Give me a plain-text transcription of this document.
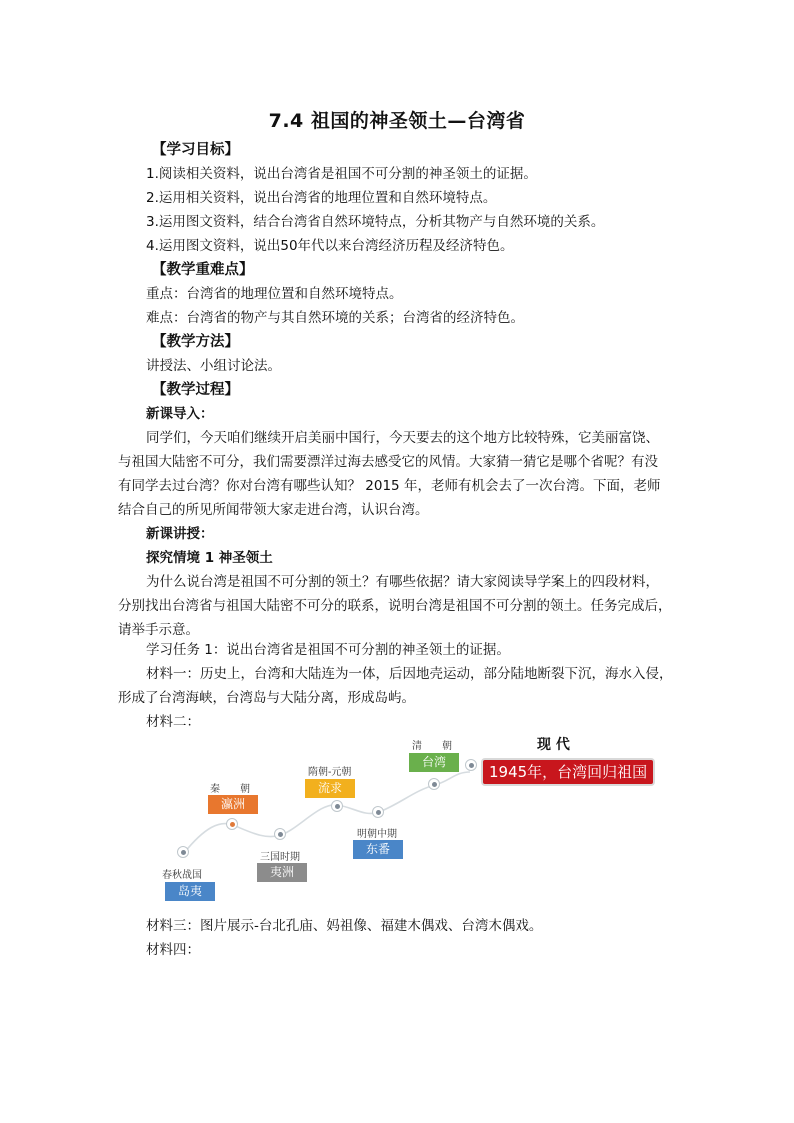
7.4 祖国的神圣领土—台湾省
【学习目标】
1.阅读相关资料，说出台湾省是祖国不可分割的神圣领土的证据。
2.运用相关资料，说出台湾省的地理位置和自然环境特点。
3.运用图文资料，结合台湾省自然环境特点，分析其物产与自然环境的关系。
4.运用图文资料，说出50年代以来台湾经济历程及经济特色。
【教学重难点】
重点：台湾省的地理位置和自然环境特点。
难点：台湾省的物产与其自然环境的关系；台湾省的经济特色。
【教学方法】
讲授法、小组讨论法。
【教学过程】
新课导入：
同学们，今天咱们继续开启美丽中国行，今天要去的这个地方比较特殊，它美丽富饶、
与祖国大陆密不可分，我们需要漂洋过海去感受它的风情。大家猜一猜它是哪个省呢？有没
有同学去过台湾？你对台湾有哪些认知？ 2015 年，老师有机会去了一次台湾。下面，老师
结合自己的所见所闻带领大家走进台湾，认识台湾。
新课讲授：
探究情境 1 神圣领土
为什么说台湾是祖国不可分割的领土？有哪些依据？请大家阅读导学案上的四段材料，
分别找出台湾省与祖国大陆密不可分的联系，说明台湾是祖国不可分割的领土。任务完成后，
请举手示意。
学习任务 1：说出台湾省是祖国不可分割的神圣领土的证据。
材料一：历史上，台湾和大陆连为一体，后因地壳运动，部分陆地断裂下沉，海水入侵，
形成了台湾海峡，台湾岛与大陆分离，形成岛屿。
材料二：
春秋战国
岛夷
秦　　朝
瀛洲
三国时期
夷洲
隋朝-元朝
流求
明朝中期
东番
清　　朝
台湾
现 代
1945年，台湾回归祖国
材料三：图片展示-台北孔庙、妈祖像、福建木偶戏、台湾木偶戏。
材料四：
